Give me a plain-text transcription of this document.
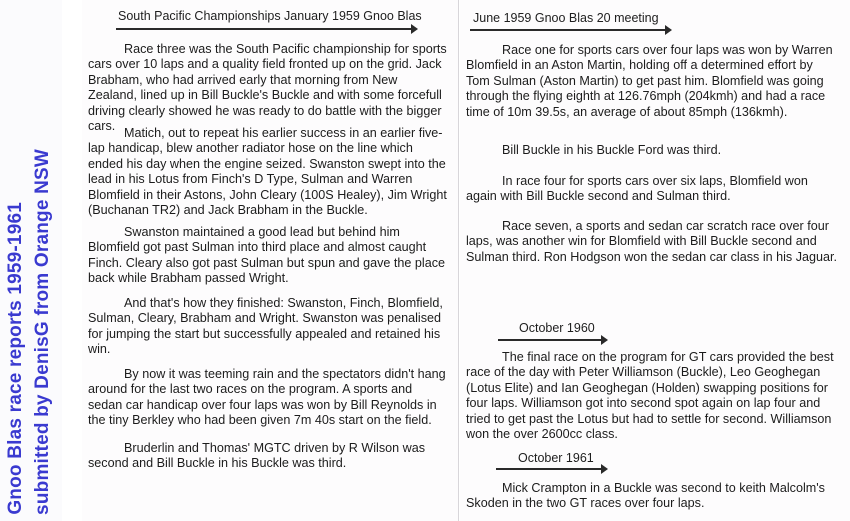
Gnoo Blas race reports 1959-1961 submitted by DenisG from Orange NSW
South Pacific Championships January 1959 Gnoo Blas

Race three was the South Pacific championship for sports cars over 10 laps and a quality field fronted up on the grid. Jack Brabham, who had arrived early that morning from New Zealand, lined up in Bill Buckle's Buckle and with some forcefull driving clearly showed he was ready to do battle with the bigger cars. Matich, out to repeat his earlier success in an earlier five-lap handicap, blew another radiator hose on the line which ended his day when the engine seized. Swanston swept into the lead in his Lotus from Finch's D Type, Sulman and Warren Blomfield in their Astons, John Cleary (100S Healey), Jim Wright (Buchanan TR2) and Jack Brabham in the Buckle.

Swanston maintained a good lead but behind him Blomfield got past Sulman into third place and almost caught Finch. Cleary also got past Sulman but spun and gave the place back while Brabham passed Wright.

And that's how they finished: Swanston, Finch, Blomfield, Sulman, Cleary, Brabham and Wright. Swanston was penalised for jumping the start but successfully appealed and retained his win.

By now it was teeming rain and the spectators didn't hang around for the last two races on the program. A sports and sedan car handicap over four laps was won by Bill Reynolds in the tiny Berkley who had been given 7m 40s start on the field.

Bruderlin and Thomas' MGTC driven by R Wilson was second and Bill Buckle in his Buckle was third.

June 1959 Gnoo Blas 20 meeting

Race one for sports cars over four laps was won by Warren Blomfield in an Aston Martin, holding off a determined effort by Tom Sulman (Aston Martin) to get past him. Blomfield was going through the flying eighth at 126.76mph (204kmh) and had a race time of 10m 39.5s, an average of about 85mph (136kmh).

Bill Buckle in his Buckle Ford was third.

In race four for sports cars over six laps, Blomfield won again with Bill Buckle second and Sulman third.

Race seven, a sports and sedan car scratch race over four laps, was another win for Blomfield with Bill Buckle second and Sulman third. Ron Hodgson won the sedan car class in his Jaguar.

October 1960

The final race on the program for GT cars provided the best race of the day with Peter Williamson (Buckle), Leo Geoghegan (Lotus Elite) and Ian Geoghegan (Holden) swapping positions for four laps. Williamson got into second spot again on lap four and tried to get past the Lotus but had to settle for second. Williamson won the over 2600cc class.

October 1961

Mick Crampton in a Buckle was second to keith Malcolm's Skoden in the two GT races over four laps.
